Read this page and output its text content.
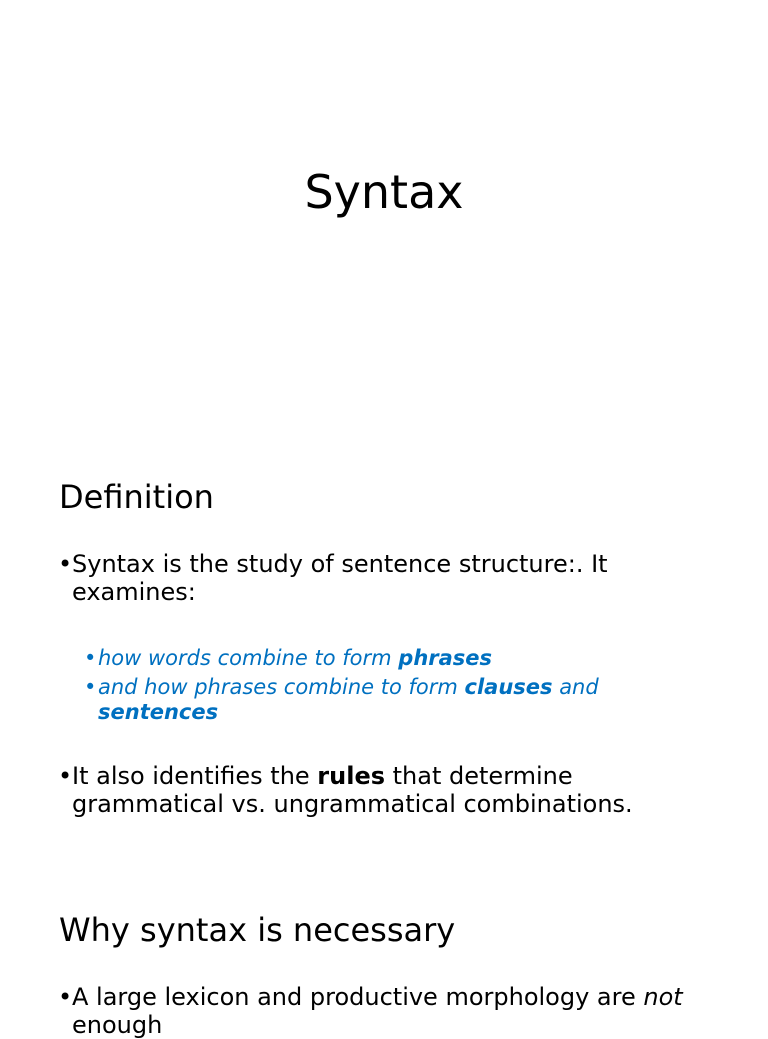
Syntax
Definition
• Syntax is the study of sentence structure:. It examines:
• how words combine to form phrases
• and how phrases combine to form clauses and sentences
• It also identifies the rules that determine grammatical vs. ungrammatical combinations.
Why syntax is necessary
• A large lexicon and productive morphology are not enough
